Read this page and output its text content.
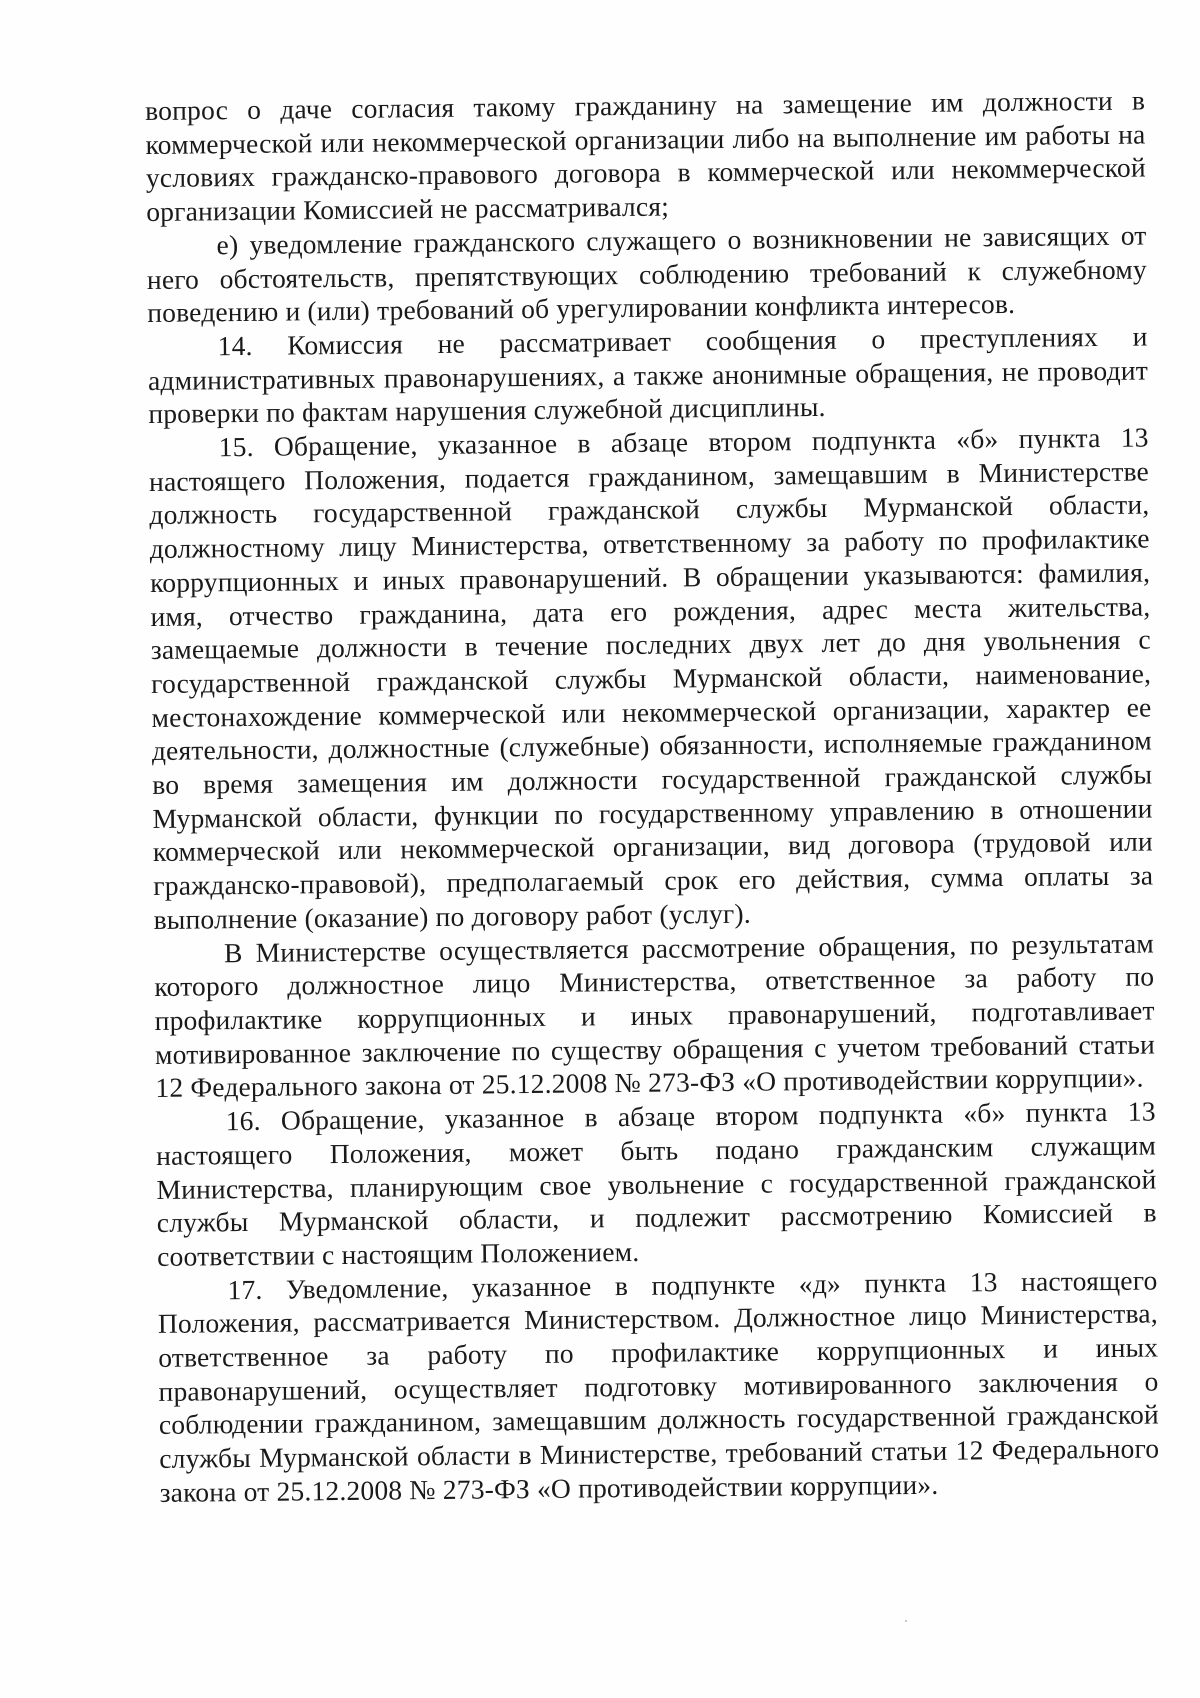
вопрос о даче согласия такому гражданину на замещение им должности в коммерческой или некоммерческой организации либо на выполнение им работы на условиях гражданско-правового договора в коммерческой или некоммерческой организации Комиссией не рассматривался;

е) уведомление гражданского служащего о возникновении не зависящих от него обстоятельств, препятствующих соблюдению требований к служебному поведению и (или) требований об урегулировании конфликта интересов.

14. Комиссия не рассматривает сообщения о преступлениях и административных правонарушениях, а также анонимные обращения, не проводит проверки по фактам нарушения служебной дисциплины.

15. Обращение, указанное в абзаце втором подпункта «б» пункта 13 настоящего Положения, подается гражданином, замещавшим в Министерстве должность государственной гражданской службы Мурманской области, должностному лицу Министерства, ответственному за работу по профилактике коррупционных и иных правонарушений. В обращении указываются: фамилия, имя, отчество гражданина, дата его рождения, адрес места жительства, замещаемые должности в течение последних двух лет до дня увольнения с государственной гражданской службы Мурманской области, наименование, местонахождение коммерческой или некоммерческой организации, характер ее деятельности, должностные (служебные) обязанности, исполняемые гражданином во время замещения им должности государственной гражданской службы Мурманской области, функции по государственному управлению в отношении коммерческой или некоммерческой организации, вид договора (трудовой или гражданско-правовой), предполагаемый срок его действия, сумма оплаты за выполнение (оказание) по договору работ (услуг).

В Министерстве осуществляется рассмотрение обращения, по результатам которого должностное лицо Министерства, ответственное за работу по профилактике коррупционных и иных правонарушений, подготавливает мотивированное заключение по существу обращения с учетом требований статьи 12 Федерального закона от 25.12.2008 № 273-ФЗ «О противодействии коррупции».

16. Обращение, указанное в абзаце втором подпункта «б» пункта 13 настоящего Положения, может быть подано гражданским служащим Министерства, планирующим свое увольнение с государственной гражданской службы Мурманской области, и подлежит рассмотрению Комиссией в соответствии с настоящим Положением.

17. Уведомление, указанное в подпункте «д» пункта 13 настоящего Положения, рассматривается Министерством. Должностное лицо Министерства, ответственное за работу по профилактике коррупционных и иных правонарушений, осуществляет подготовку мотивированного заключения о соблюдении гражданином, замещавшим должность государственной гражданской службы Мурманской области в Министерстве, требований статьи 12 Федерального закона от 25.12.2008 № 273-ФЗ «О противодействии коррупции».
